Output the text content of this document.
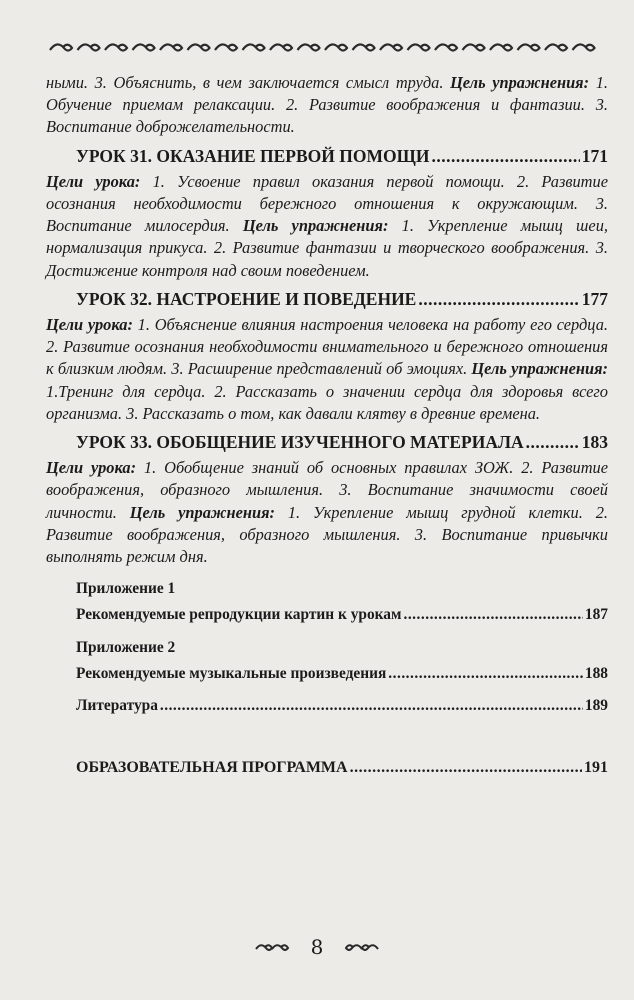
ными. 3. Объяснить, в чем заключается смысл труда. Цель упражнения: 1. Обучение приемам релаксации. 2. Развитие воображения и фантазии. 3. Воспитание доброжелательности.

УРОК 31. ОКАЗАНИЕ ПЕРВОЙ ПОМОЩИ .....	171

Цели урока: 1. Усвоение правил оказания первой помощи. 2. Развитие осознания необходимости бережного отношения к окружающим. 3. Воспитание милосердия. Цель упражнения: 1. Укрепление мышц шеи, нормализация прикуса. 2. Развитие фантазии и творческого воображения. 3. Достижение контроля над своим поведением.

УРОК 32. НАСТРОЕНИЕ И ПОВЕДЕНИЕ .....	177

Цели урока: 1. Объяснение влияния настроения человека на работу его сердца. 2. Развитие осознания необходимости внимательного и бережного отношения к близким людям. 3. Расширение представлений об эмоциях. Цель упражнения: 1.Тренинг для сердца. 2. Рассказать о значении сердца для здоровья всего организма. 3. Рассказать о том, как давали клятву в древние времена.

УРОК 33. ОБОБЩЕНИЕ ИЗУЧЕННОГО МАТЕРИАЛА .....	183

Цели урока: 1. Обобщение знаний об основных правилах ЗОЖ. 2. Развитие воображения, образного мышления. 3. Воспитание значимости своей личности. Цель упражнения: 1. Укрепление мышц грудной клетки. 2. Развитие воображения, образного мышления. 3. Воспитание привычки выполнять режим дня.

Приложение 1
Рекомендуемые репродукции картин к урокам .....	187
Приложение 2
Рекомендуемые музыкальные произведения .....	188
Литература .....	189
ОБРАЗОВАТЕЛЬНАЯ ПРОГРАММА .....	191
8
